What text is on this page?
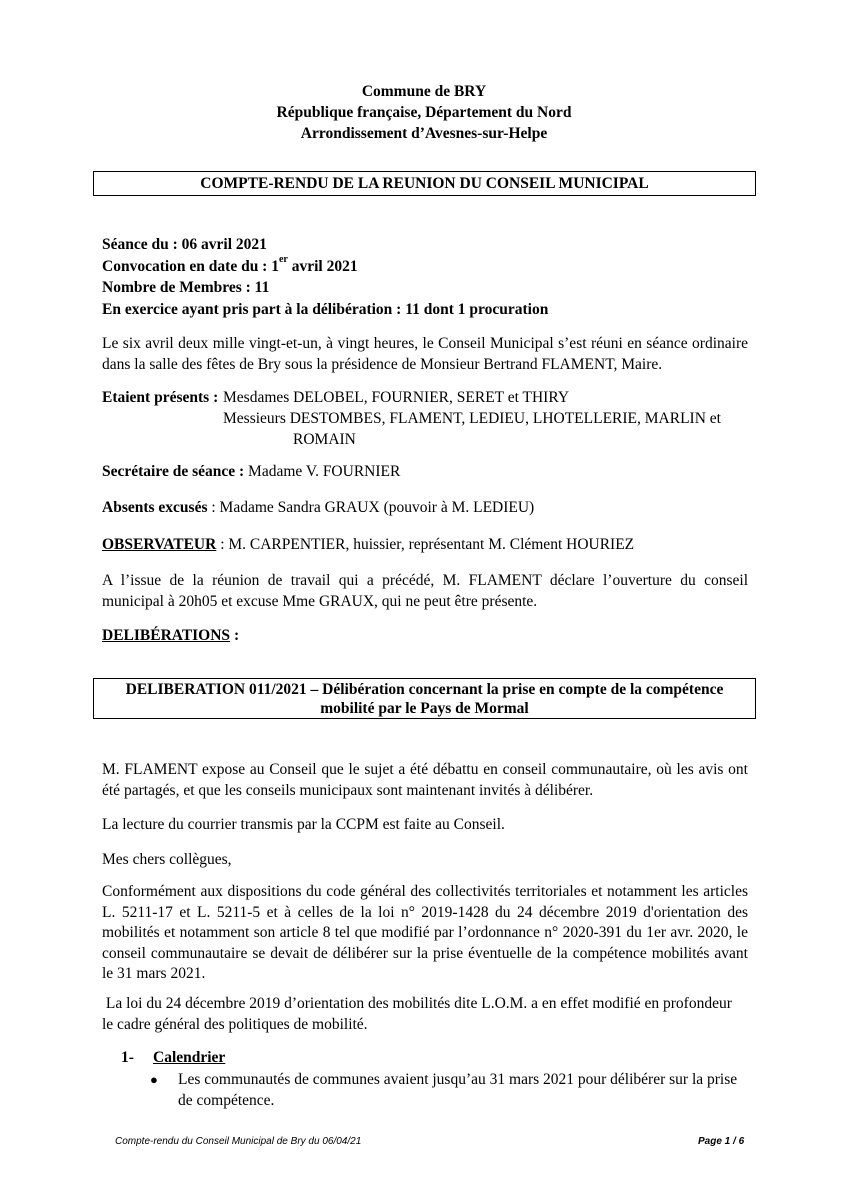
Commune de BRY
République française, Département du Nord
Arrondissement d’Avesnes-sur-Helpe
COMPTE-RENDU DE LA REUNION DU CONSEIL MUNICIPAL
Séance du : 06 avril 2021
Convocation en date du : 1er avril 2021
Nombre de Membres : 11
En exercice ayant pris part à la délibération : 11 dont 1 procuration
Le six avril deux mille vingt-et-un, à vingt heures, le Conseil Municipal s’est réuni en séance ordinaire
dans la salle des fêtes de Bry sous la présidence de Monsieur Bertrand FLAMENT, Maire.
Etaient présents : Mesdames DELOBEL, FOURNIER, SERET et THIRY
Messieurs DESTOMBES, FLAMENT, LEDIEU, LHOTELLERIE, MARLIN et
ROMAIN
Secrétaire de séance : Madame V. FOURNIER
Absents excusés : Madame Sandra GRAUX (pouvoir à M. LEDIEU)
OBSERVATEUR : M. CARPENTIER, huissier, représentant M. Clément HOURIEZ
A l’issue de la réunion de travail qui a précédé, M. FLAMENT déclare l’ouverture du conseil
municipal à 20h05 et excuse Mme GRAUX, qui ne peut être présente.
DELIBÉRATIONS :
DELIBERATION 011/2021 – Délibération concernant la prise en compte de la compétence
mobilité par le Pays de Mormal
M. FLAMENT expose au Conseil que le sujet a été débattu en conseil communautaire, où les avis ont
été partagés, et que les conseils municipaux sont maintenant invités à délibérer.
La lecture du courrier transmis par la CCPM est faite au Conseil.
Mes chers collègues,
Conformément aux dispositions du code général des collectivités territoriales et notamment les articles
L. 5211-17 et L. 5211-5 et à celles de la loi n° 2019-1428 du 24 décembre 2019 d'orientation des
mobilités et notamment son article 8 tel que modifié par l’ordonnance n° 2020-391 du 1er avr. 2020, le
conseil communautaire se devait de délibérer sur la prise éventuelle de la compétence mobilités avant
le 31 mars 2021.
La loi du 24 décembre 2019 d’orientation des mobilités dite L.O.M. a en effet modifié en profondeur
le cadre général des politiques de mobilité.
1- Calendrier
● Les communautés de communes avaient jusqu’au 31 mars 2021 pour délibérer sur la prise
de compétence.
Compte-rendu du Conseil Municipal de Bry du 06/04/21	Page 1 / 6
